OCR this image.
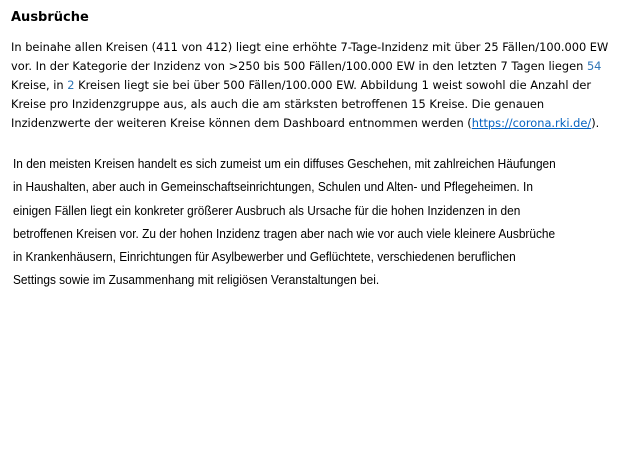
Ausbrüche

In beinahe allen Kreisen (411 von 412) liegt eine erhöhte 7-Tage-Inzidenz mit über 25 Fällen/100.000 EW
vor. In der Kategorie der Inzidenz von >250 bis 500 Fällen/100.000 EW in den letzten 7 Tagen liegen 54
Kreise, in 2 Kreisen liegt sie bei über 500 Fällen/100.000 EW. Abbildung 1 weist sowohl die Anzahl der
Kreise pro Inzidenzgruppe aus, als auch die am stärksten betroffenen 15 Kreise. Die genauen
Inzidenzwerte der weiteren Kreise können dem Dashboard entnommen werden (https://corona.rki.de/).

In den meisten Kreisen handelt es sich zumeist um ein diffuses Geschehen, mit zahlreichen Häufungen
in Haushalten, aber auch in Gemeinschaftseinrichtungen, Schulen und Alten- und Pflegeheimen. In
einigen Fällen liegt ein konkreter größerer Ausbruch als Ursache für die hohen Inzidenzen in den
betroffenen Kreisen vor. Zu der hohen Inzidenz tragen aber nach wie vor auch viele kleinere Ausbrüche
in Krankenhäusern, Einrichtungen für Asylbewerber und Geflüchtete, verschiedenen beruflichen
Settings sowie im Zusammenhang mit religiösen Veranstaltungen bei.
